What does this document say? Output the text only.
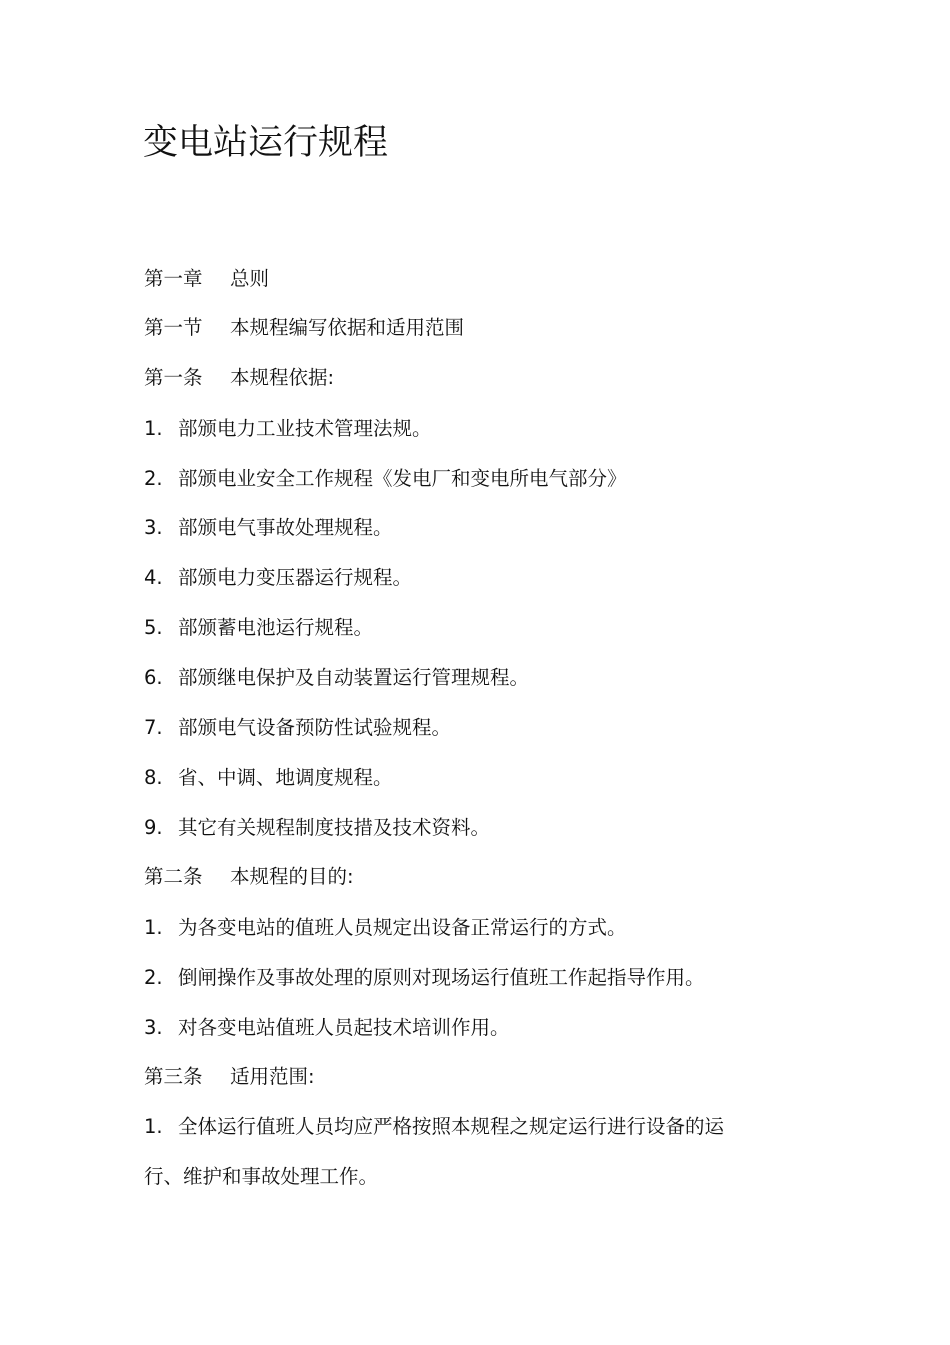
变电站运行规程
第一章 总则
第一节 本规程编写依据和适用范围
第一条 本规程依据:
1. 部颁电力工业技术管理法规。
2. 部颁电业安全工作规程《发电厂和变电所电气部分》
3. 部颁电气事故处理规程。
4. 部颁电力变压器运行规程。
5. 部颁蓄电池运行规程。
6. 部颁继电保护及自动装置运行管理规程。
7. 部颁电气设备预防性试验规程。
8. 省、中调、地调度规程。
9. 其它有关规程制度技措及技术资料。
第二条 本规程的目的:
1. 为各变电站的值班人员规定出设备正常运行的方式。
2. 倒闸操作及事故处理的原则对现场运行值班工作起指导作用。
3. 对各变电站值班人员起技术培训作用。
第三条 适用范围:
1. 全体运行值班人员均应严格按照本规程之规定运行进行设备的运
行、维护和事故处理工作。
